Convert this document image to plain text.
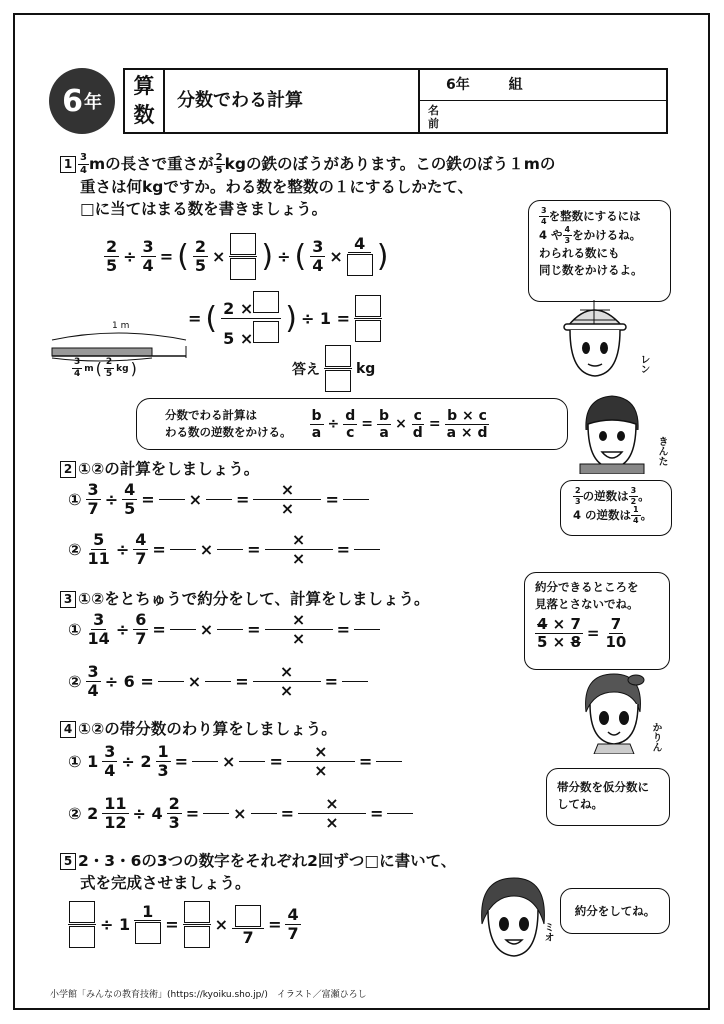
6 年
算
数
分数でわる計算
6年 組
名
前
$1 \frac{3}{4}$ mの長さで重さが $\frac{2}{5}$ kgの鉄のぼうがあります。この鉄のぼう１mの
重さは何kgですか。わる数を整数の１にするしかたて、
□に当てはまる数を書きましょう。
$\frac{2}{5} \div \frac{3}{4}$ = ( $\frac{2}{5}$ × ) ÷ ( $\frac{3}{4}$ ×
4 )
= ( $\frac{2 \times}{5 \times}$ ) ÷ 1 =
答え	kg
1 m
$\frac{3}{4}$ m ( $\frac{2}{5}$ kg )
$\frac{3}{4}$ を整数にするには
4 や $\frac{4}{3}$ をかけるね。
わられる数にも
同じ数をかけるよ。
レン
分数でわる計算は
わる数の逆数をかける。 $\frac{b}{a} \div \frac{d}{c} = \frac{b}{a} \times \frac{c}{d} = \frac{b \times c}{a \times d}$
きんた
2 ①②の計算をしましょう。
① $\frac{3}{7} \div \frac{4}{5}$ = × = $\frac{\times}{\times}$ =
② $\frac{5}{11} \div \frac{4}{7}$ = × = $\frac{\times}{\times}$ =
$\frac{2}{3}$ の逆数は $\frac{3}{2}$ 。
4 の逆数は $\frac{1}{4}$ 。
3 ①②をとちゅうで約分をして、計算をしましょう。
① $\frac{3}{14} \div \frac{6}{7}$ = × = $\frac{\times}{\times}$ =
② $\frac{3}{4} \div 6$ = × = $\frac{\times}{\times}$ =
約分できるところを
見落とさないでね。
$\frac{4 \times 7}{5 \times 8} = \frac{7}{10}$
かりん
4 ①②の帯分数のわり算をしましょう。
① $1 \frac{3}{4} \div 2 \frac{1}{3}$ = × = $\frac{\times}{\times}$ =
② $2 \frac{11}{12} \div 4 \frac{2}{3}$ = × = $\frac{\times}{\times}$ =
帯分数を仮分数に
してね。
5 2・3・6の3つの数字をそれぞれ2回ずつ□に書いて、
式を完成させましょう。
÷ 1
1
= ×
7
= $\frac{4}{7}$	ミオ
約分をしてね。
小学館「みんなの教育技術」(https://kyoiku.sho.jp/)　イラスト／富瀬ひろし
